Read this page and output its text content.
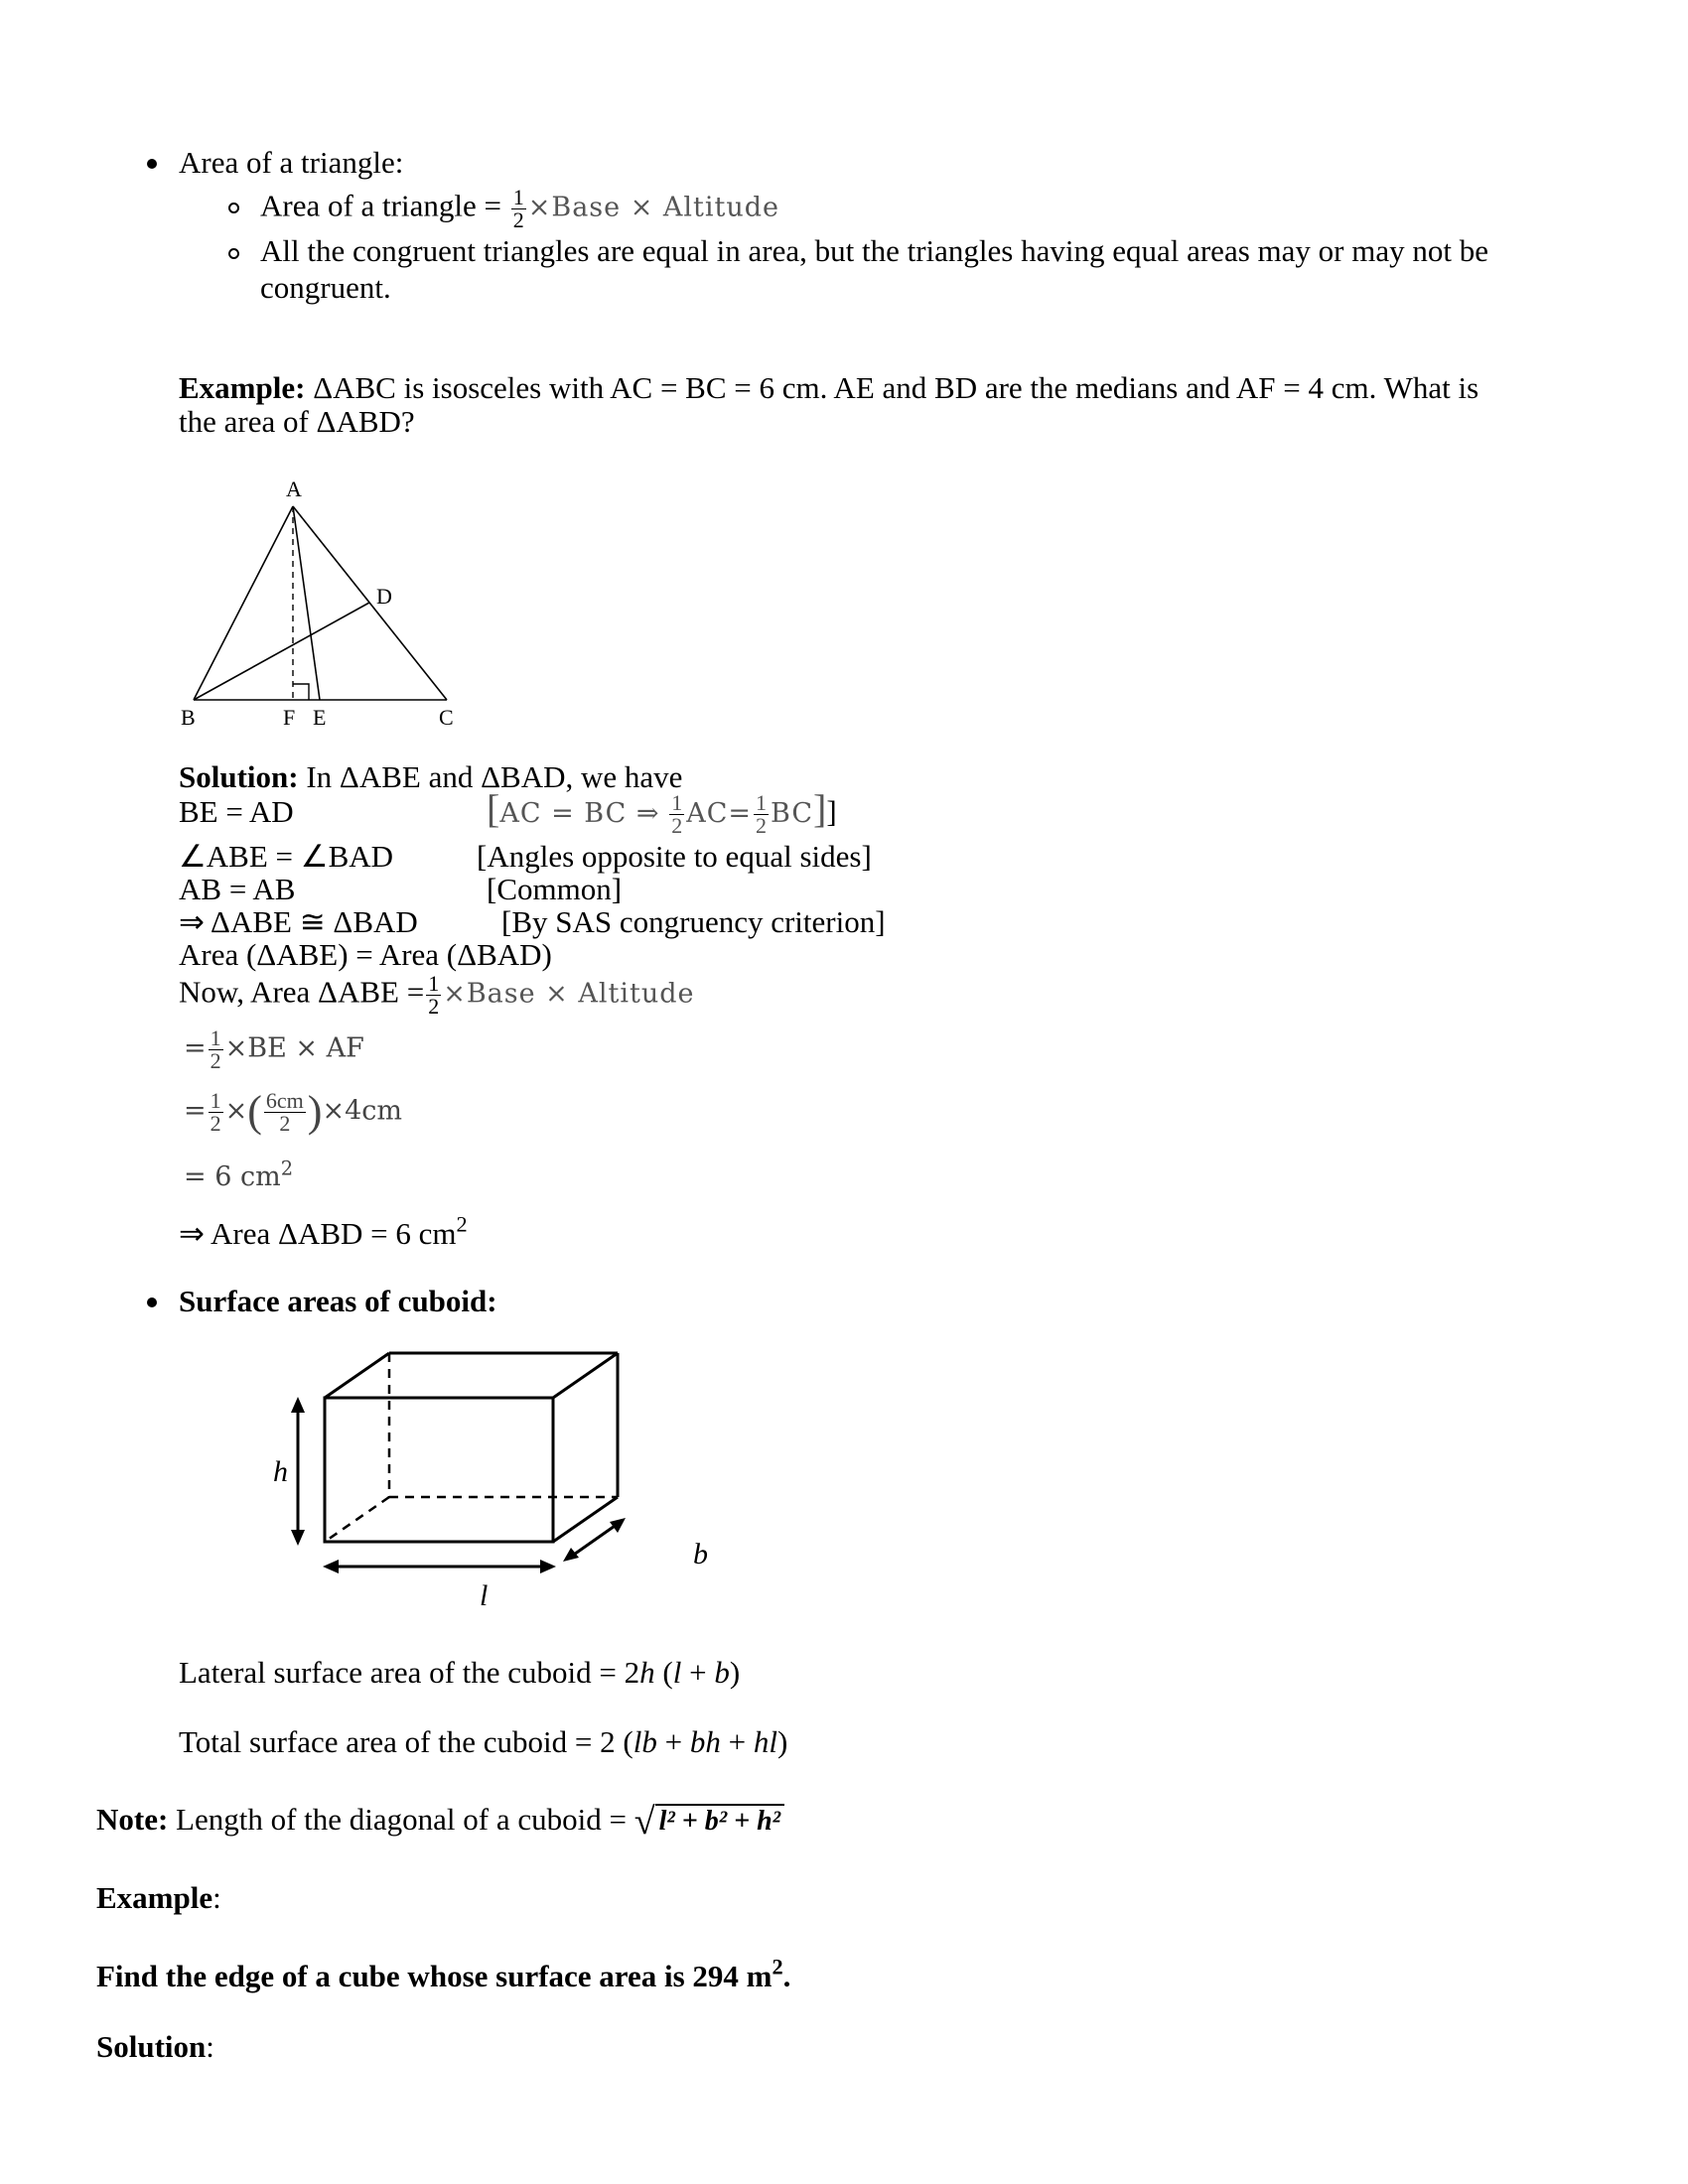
Area of a triangle:
Area of a triangle = $\frac{1}{2}$ ×Base × Altitude
All the congruent triangles are equal in area, but the triangles having equal areas may or may not be
congruent.
Example: ΔABC is isosceles with AC = BC = 6 cm. AE and BD are the medians and AF = 4 cm. What is
the area of ΔABD?
A
B	C
D
E
F
Solution: In ΔABE and ΔBAD, we have
BE = AD	[AC = BC ⇒ $\frac{1}{2} AC= \frac{1}{2} BC$]]
∠ABE = ∠BAD	[Angles opposite to equal sides]
AB = AB	[Common]
⇒ ΔABE ≅ ΔBAD	[By SAS congruency criterion]
Area (ΔABE) = Area (ΔBAD)
Now, Area $\Delta ABE = \frac{1}{2}$ ×Base × Altitude
= $\frac{1}{2} \times BE$ × AF
= $\frac{1}{2}$ ×( $\frac{6cm}{2} )\times 4cm$
= 6 $cm^2$
⇒ Area ΔABD = 6 $cm^2$
Surface areas of cuboid:
h
l
b
Lateral surface area of the cuboid = 2h (l + b)
Total surface area of the cuboid = 2 (lb + bh + hl)
Note: Length of the diagonal of a cuboid = √ l² + b² + h²
Example:
Find the edge of a cube whose surface area is 294 $m^2$.
Solution:
